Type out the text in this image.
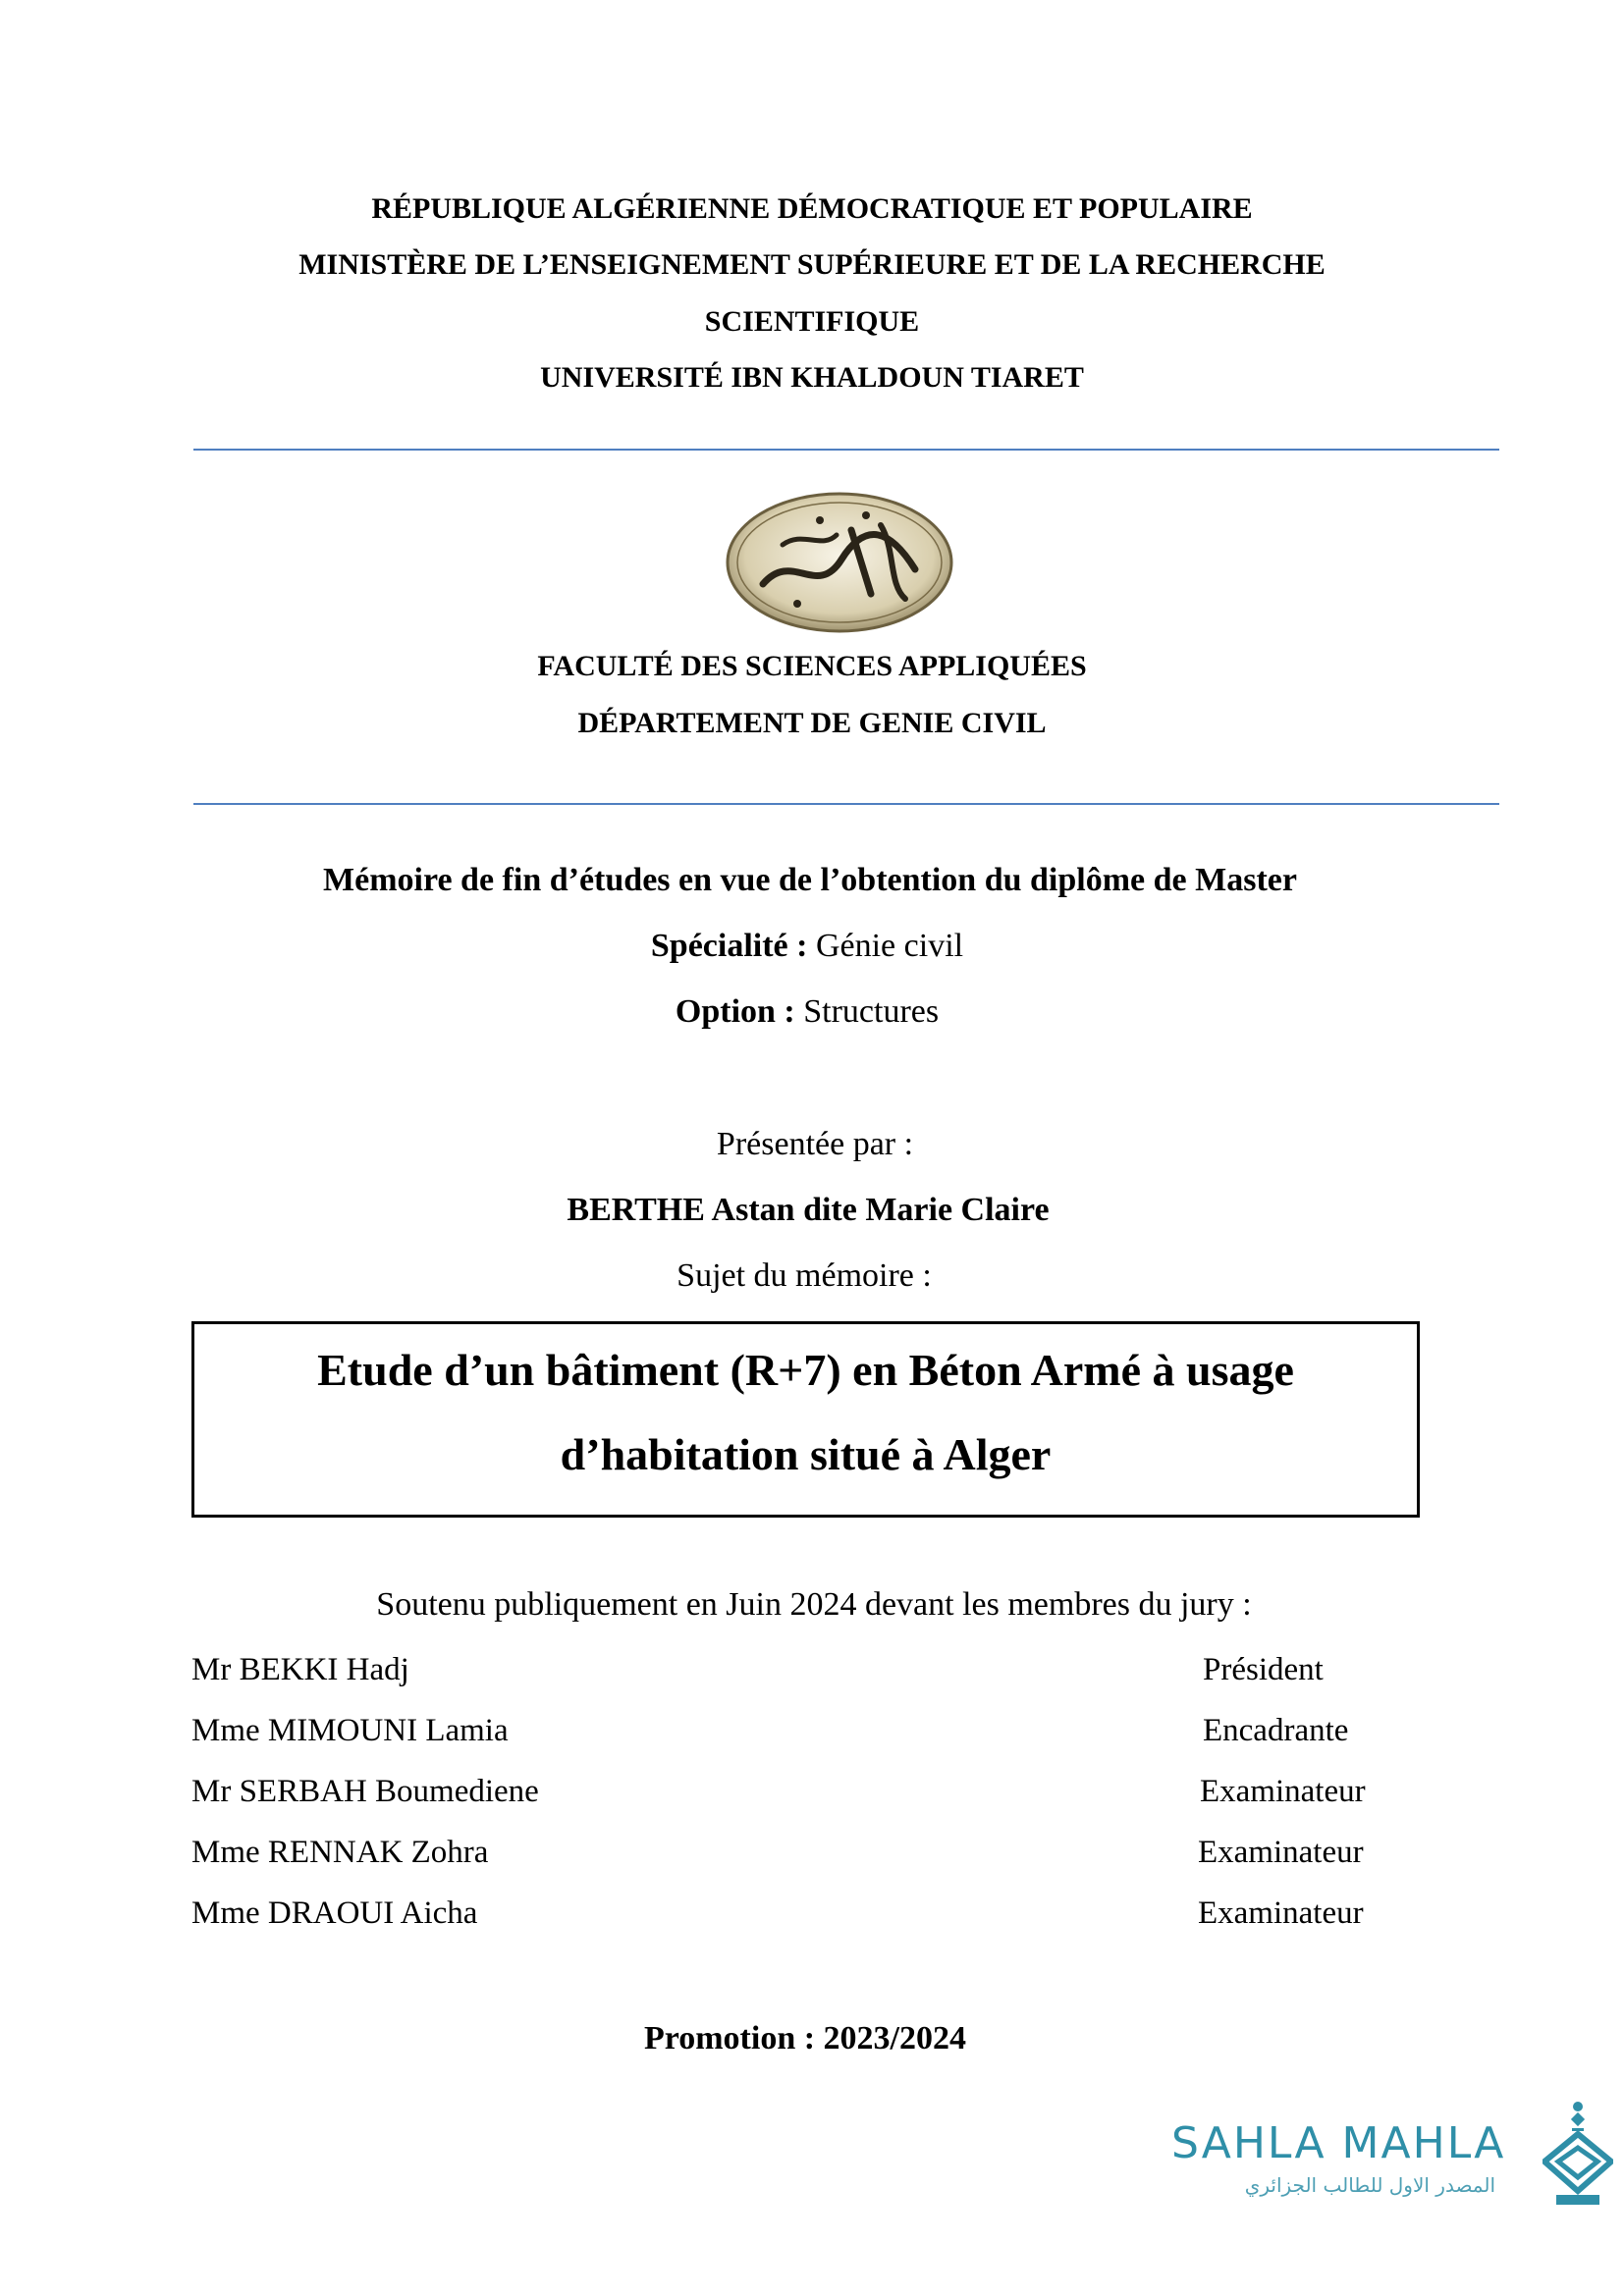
RÉPUBLIQUE ALGÉRIENNE DÉMOCRATIQUE ET POPULAIRE
MINISTÈRE DE L’ENSEIGNEMENT SUPÉRIEURE ET DE LA RECHERCHE
SCIENTIFIQUE
UNIVERSITÉ IBN KHALDOUN TIARET
FACULTÉ DES SCIENCES APPLIQUÉES
DÉPARTEMENT DE GENIE CIVIL
Mémoire de fin d’études en vue de l’obtention du diplôme de Master
Spécialité : Génie civil
Option : Structures
Présentée par :
BERTHE Astan dite Marie Claire
Sujet du mémoire :
Etude d’un bâtiment (R+7) en Béton Armé à usage
d’habitation situé à Alger
Soutenu publiquement en Juin 2024 devant les membres du jury :
Mr BEKKI Hadj	Président
Mme MIMOUNI Lamia	Encadrante
Mr SERBAH Boumediene	Examinateur
Mme RENNAK Zohra	Examinateur
Mme DRAOUI Aicha	Examinateur
Promotion : 2023/2024
SAHLA MAHLA
المصدر الاول للطالب الجزائري
